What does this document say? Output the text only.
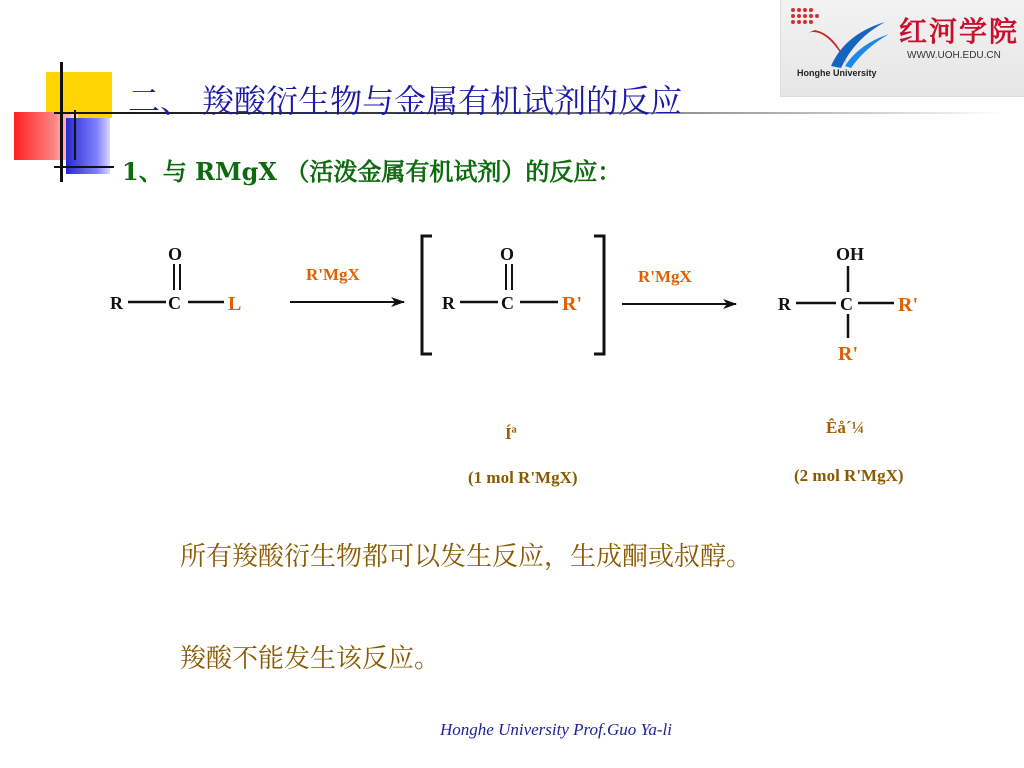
红河学院
WWW.UOH.EDU.CN
Honghe University
二、 羧酸衍生物与金属有机试剂的反应
1、与 RMgX （活泼金属有机试剂）的反应：
R	C
O
L
R'MgX
R	C
O
R'
R'MgX
OH
R	C R'
R'
Íª
(1 mol R'MgX)
Êå´¼
(2 mol R'MgX)
所有羧酸衍生物都可以发生反应，生成酮或叔醇。
羧酸不能发生该反应。
Honghe University Prof.Guo Ya-li
